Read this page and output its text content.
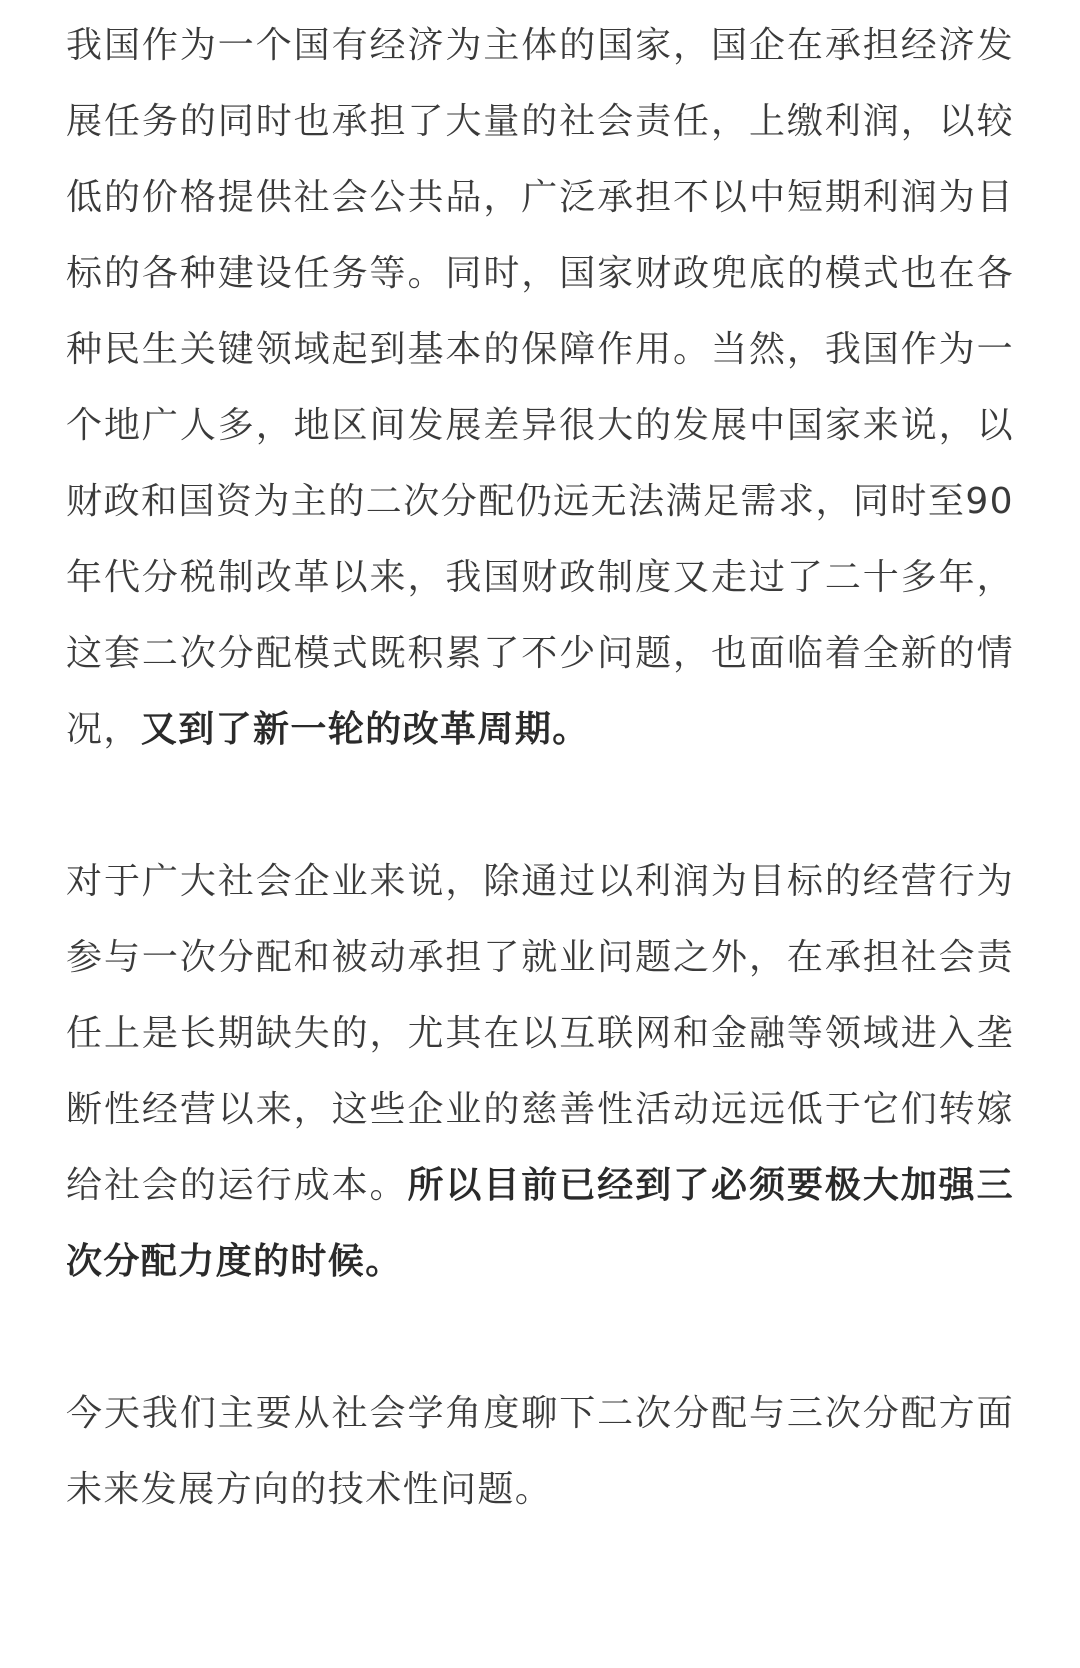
我国作为一个国有经济为主体的国家，国企在承担经济发展任务的同时也承担了大量的社会责任，上缴利润，以较低的价格提供社会公共品，广泛承担不以中短期利润为目标的各种建设任务等。同时，国家财政兜底的模式也在各种民生关键领域起到基本的保障作用。当然，我国作为一个地广人多，地区间发展差异很大的发展中国家来说，以财政和国资为主的二次分配仍远无法满足需求，同时至90年代分税制改革以来，我国财政制度又走过了二十多年，这套二次分配模式既积累了不少问题，也面临着全新的情况，又到了新一轮的改革周期。

对于广大社会企业来说，除通过以利润为目标的经营行为参与一次分配和被动承担了就业问题之外，在承担社会责任上是长期缺失的，尤其在以互联网和金融等领域进入垄断性经营以来，这些企业的慈善性活动远远低于它们转嫁给社会的运行成本。所以目前已经到了必须要极大加强三次分配力度的时候。

今天我们主要从社会学角度聊下二次分配与三次分配方面未来发展方向的技术性问题。
